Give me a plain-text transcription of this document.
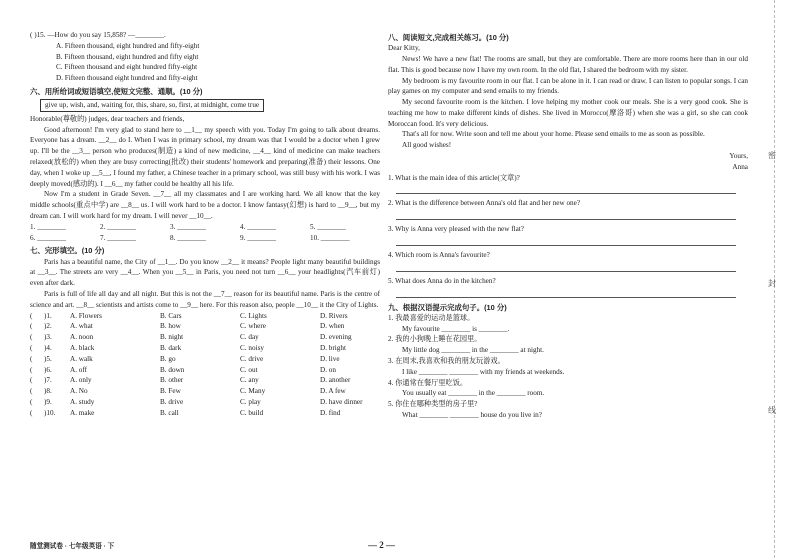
( )15. —How do you say 15,858? —________.
A. Fifteen thousand, eight hundred and fifty-eight
B. Fifteen thousand, eight hundred and fifty eight
C. Fifteen thousand and eight hundred fifty-eight
D. Fifteen thousand eight hundred and fifty-eight
六、用所给词或短语填空,使短文完整、通顺。(10 分)
give up, wish, and, waiting for, this, share, so, first, at midnight, come true

Honorable(尊敬的) judges, dear teachers and friends,

Good afternoon! I'm very glad to stand here to __1__ my speech with you. Today I'm going to talk about dreams. Everyone has a dream. __2__ do I. When I was in primary school, my dream was that I would be a doctor when I grew up. I'll be the __3__ person who produces(制造) a kind of new medicine, __4__ kind of medicine can make teachers relaxed(放松的) when they are busy correcting(批改) their students' homework and preparing(准备) their lessons. One day, when I woke up __5__, I found my father, a Chinese teacher in a primary school, was still busy with his work. I was deeply moved(感动的). I __6__ my father could be healthy all his life.

Now I'm a student in Grade Seven. __7__ all my classmates and I are working hard. We all know that the key middle schools(重点中学) are __8__ us. I will work hard to be a doctor. I know fantasy(幻想) is hard to __9__, but my dream can. I will work hard for my dream. I will never __10__.

1. ________	2. ________	3. ________	4. ________	5. ________
6. ________	7. ________	8. ________	9. ________	10. ________
七、完形填空。(10 分)

Paris has a beautiful name, the City of __1__. Do you know __2__ it means? People light many beautiful buildings at __3__. The streets are very __4__. When you __5__ in Paris, you need not turn __6__ your headlights(汽车前灯) even after dark.

Paris is full of life all day and all night. But this is not the __7__ reason for its beautiful name. Paris is the centre of science and art. __8__ scientists and artists come to __9__ here. For this reason also, people __10__ it the City of Lights.

(	)1.	A. Flowers	B. Cars	C. Lights	D. Rivers
(	)2.	A. what	B. how	C. where	D. when
(	)3.	A. noon	B. night	C. day	D. evening
(	)4.	A. black	B. dark	C. noisy	D. bright
(	)5.	A. walk	B. go	C. drive	D. live
(	)6.	A. off	B. down	C. out	D. on
(	)7.	A. only	B. other	C. any	D. another
(	)8.	A. No	B. Few	C. Many	D. A few
(	)9.	A. study	B. drive	C. play	D. have dinner
(	)10.	A. make	B. call	C. build	D. find
八、阅读短文,完成相关练习。(10 分)
Dear Kitty,

News! We have a new flat! The rooms are small, but they are comfortable. There are more rooms here than in our old flat. This is good because now I have my own room. In the old flat, I shared the bedroom with my sister.

My bedroom is my favourite room in our flat. I can be alone in it. I can read or draw. I can listen to popular songs. I can play games on my computer and send emails to my friends.

My second favourite room is the kitchen. I love helping my mother cook our meals. She is a very good cook. She is teaching me how to make different kinds of dishes. She lived in Morocco(摩洛哥) when she was a girl, so she can cook Moroccan food. It's very delicious.

That's all for now. Write soon and tell me about your home. Please send emails to me as soon as possible.

All good wishes!

Yours,
Anna
1. What is the main idea of this article(文章)?
2. What is the difference between Anna's old flat and her new one?
3. Why is Anna very pleased with the new flat?
4. Which room is Anna's favourite?
5. What does Anna do in the kitchen?
九、根据汉语提示完成句子。(10 分)
1. 我最喜爱的运动是篮球。
My favourite ________ is ________.
2. 我的小狗晚上睡在花园里。
My little dog ________ in the ________ at night.
3. 在周末,我喜欢和我的朋友玩游戏。
I like ________ ________ with my friends at weekends.
4. 你通常在餐厅里吃饭。
You usually eat ________ in the ________ room.
5. 你住在哪种类型的房子里?
What ________ ________ house do you live in?
密
封
线
随堂测试卷 · 七年级英语 · 下	— 2 —
